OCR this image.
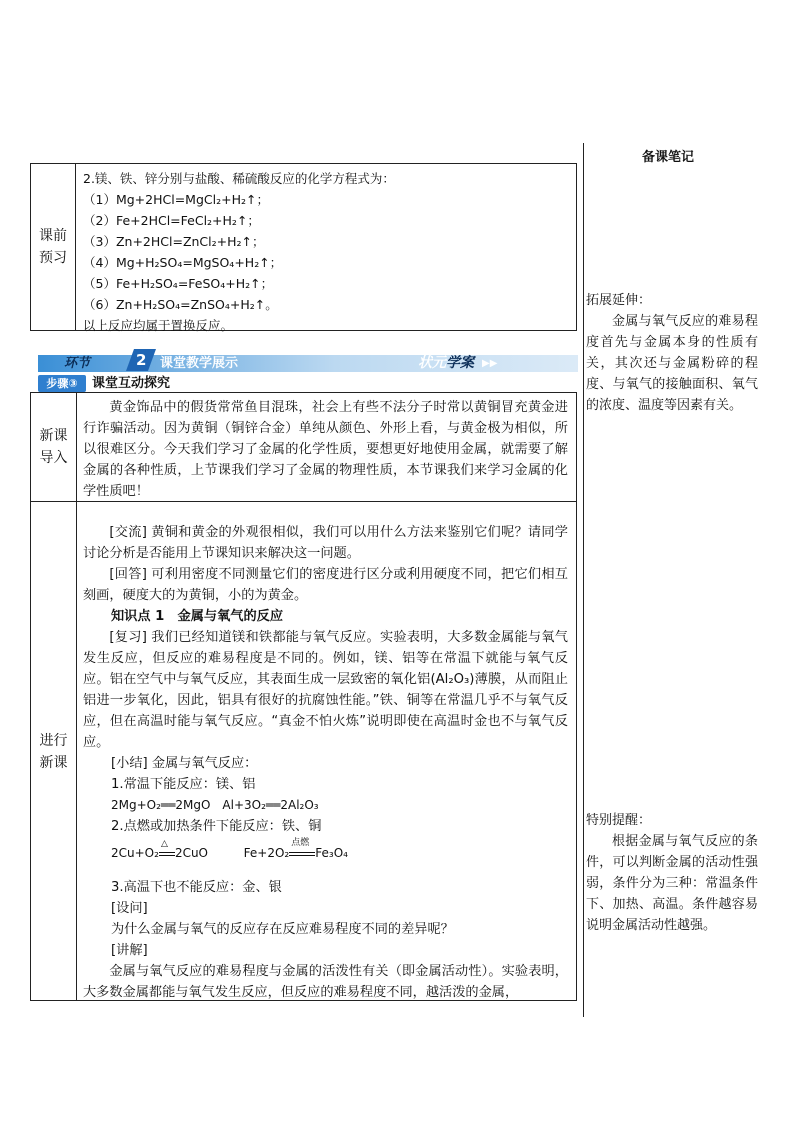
备课笔记
拓展延伸：

金属与氧气反应的难易程度首先与金属本身的性质有关，其次还与金属粉碎的程度、与氧气的接触面积、氧气的浓度、温度等因素有关。

特别提醒：

根据金属与氧气反应的条件，可以判断金属的活动性强弱，条件分为三种：常温条件下、加热、高温。条件越容易说明金属活动性越强。

课前
预习
2.镁、铁、锌分别与盐酸、稀硫酸反应的化学方程式为：
（1）Mg+2HCl=MgCl₂+H₂↑；
（2）Fe+2HCl=FeCl₂+H₂↑；
（3）Zn+2HCl=ZnCl₂+H₂↑；
（4）Mg+H₂SO₄=MgSO₄+H₂↑；
（5）Fe+H₂SO₄=FeSO₄+H₂↑；
（6）Zn+H₂SO₄=ZnSO₄+H₂↑。
以上反应均属于置换反应。
环节	2	课堂教学展示	状元学案 ▶▶
步骤③	课堂互动探究
新课
导入
黄金饰品中的假货常常鱼目混珠，社会上有些不法分子时常以黄铜冒充黄金进行诈骗活动。因为黄铜（铜锌合金）单纯从颜色、外形上看，与黄金极为相似，所以很难区分。今天我们学习了金属的化学性质，要想更好地使用金属，就需要了解金属的各种性质，上节课我们学习了金属的物理性质，本节课我们来学习金属的化学性质吧！
进行
新课
[交流] 黄铜和黄金的外观很相似，我们可以用什么方法来鉴别它们呢？请同学讨论分析是否能用上节课知识来解决这一问题。
[回答] 可利用密度不同测量它们的密度进行区分或利用硬度不同，把它们相互刻画，硬度大的为黄铜，小的为黄金。
知识点 1　金属与氧气的反应
[复习] 我们已经知道镁和铁都能与氧气反应。实验表明，大多数金属能与氧气发生反应，但反应的难易程度是不同的。例如，镁、铝等在常温下就能与氧气反应。铝在空气中与氧气反应，其表面生成一层致密的氧化铝(Al₂O₃)薄膜，从而阻止铝进一步氧化，因此，铝具有很好的抗腐蚀性能。”铁、铜等在常温几乎不与氧气反应，但在高温时能与氧气反应。“真金不怕火炼”说明即使在高温时金也不与氧气反应。
[小结] 金属与氧气反应：
1.常温下能反应：镁、铝
2Mg+O₂══2MgO　Al+3O₂══2Al₂O₃
2.点燃或加热条件下能反应：铁、铜
2Cu+O₂
△
2CuO	Fe+2O₂
点燃
Fe₃O₄
3.高温下也不能反应：金、银
[设问]
为什么金属与氧气的反应存在反应难易程度不同的差异呢？
[讲解]
金属与氧气反应的难易程度与金属的活泼性有关（即金属活动性）。实验表明，大多数金属都能与氧气发生反应，但反应的难易程度不同，越活泼的金属，
